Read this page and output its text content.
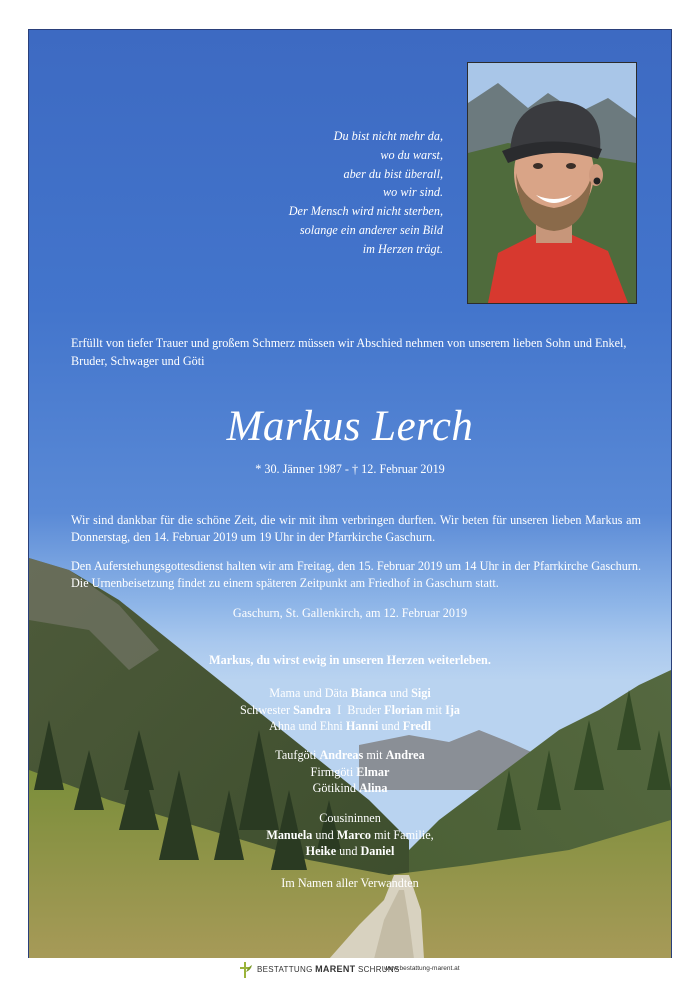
Du bist nicht mehr da,
wo du warst,
aber du bist überall,
wo wir sind.
Der Mensch wird nicht sterben,
solange ein anderer sein Bild
im Herzen trägt.
Erfüllt von tiefer Trauer und großem Schmerz müssen wir Abschied nehmen von unserem lieben Sohn und Enkel, Bruder, Schwager und Göti
Markus Lerch
* 30. Jänner 1987 - † 12. Februar 2019
Wir sind dankbar für die schöne Zeit, die wir mit ihm verbringen durften. Wir beten für unseren lieben Markus am Donnerstag, den 14. Februar 2019 um 19 Uhr in der Pfarrkirche Gaschurn.
Den Auferstehungsgottesdienst halten wir am Freitag, den 15. Februar 2019 um 14 Uhr in der Pfarrkirche Gaschurn. Die Urnenbeisetzung findet zu einem späteren Zeitpunkt am Friedhof in Gaschurn statt.
Gaschurn, St. Gallenkirch, am 12. Februar 2019
Markus, du wirst ewig in unseren Herzen weiterleben.
Mama und Däta Bianca und Sigi
Schwester Sandra  I  Bruder Florian mit Ija
Ahna und Ehni Hanni und Fredl
Taufgöti Andreas mit Andrea
Firmgöti Elmar
Götikind Alina
Cousininnen
Manuela und Marco mit Familie,
Heike und Daniel
Im Namen aller Verwandten
BESTATTUNG MARENT SCHRUNS
www.bestattung-marent.at
